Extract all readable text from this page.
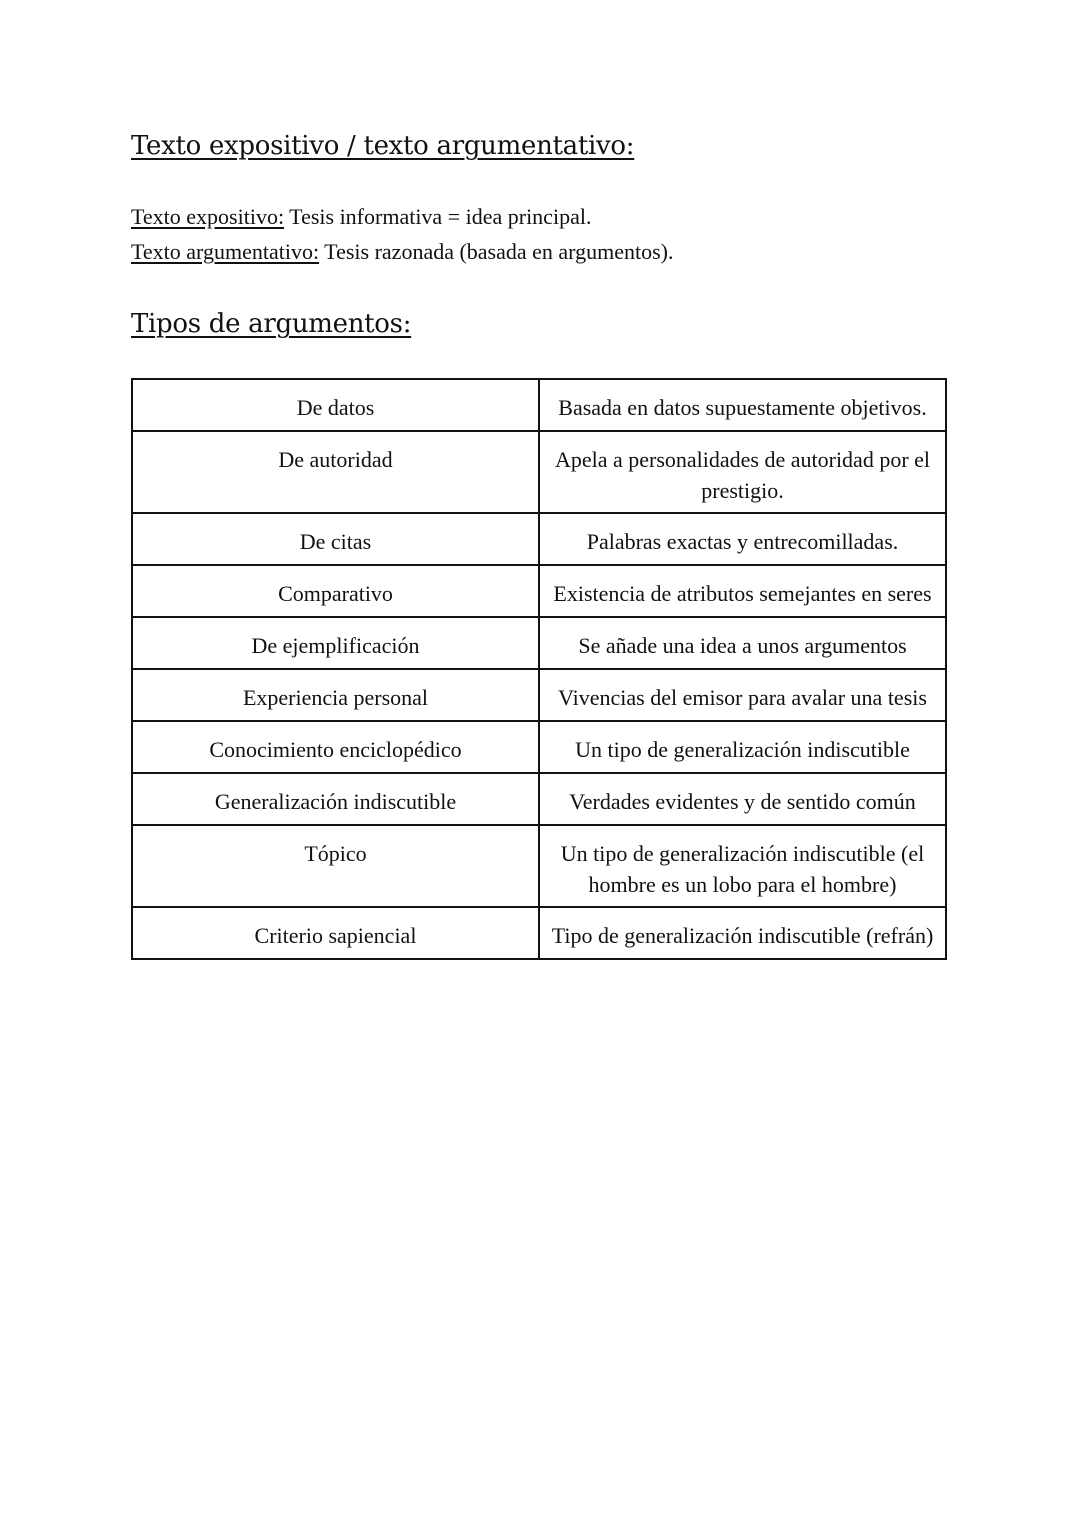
Texto expositivo / texto argumentativo:
Texto expositivo: Tesis informativa = idea principal.
Texto argumentativo: Tesis razonada (basada en argumentos).
Tipos de argumentos:
De datos	Basada en datos supuestamente objetivos.
De autoridad	Apela a personalidades de autoridad por el prestigio.
De citas	Palabras exactas y entrecomilladas.
Comparativo	Existencia de atributos semejantes en seres
De ejemplificación	Se añade una idea a unos argumentos
Experiencia personal	Vivencias del emisor para avalar una tesis
Conocimiento enciclopédico	Un tipo de generalización indiscutible
Generalización indiscutible	Verdades evidentes y de sentido común
Tópico	Un tipo de generalización indiscutible (el hombre es un lobo para el hombre)
Criterio sapiencial	Tipo de generalización indiscutible (refrán)
